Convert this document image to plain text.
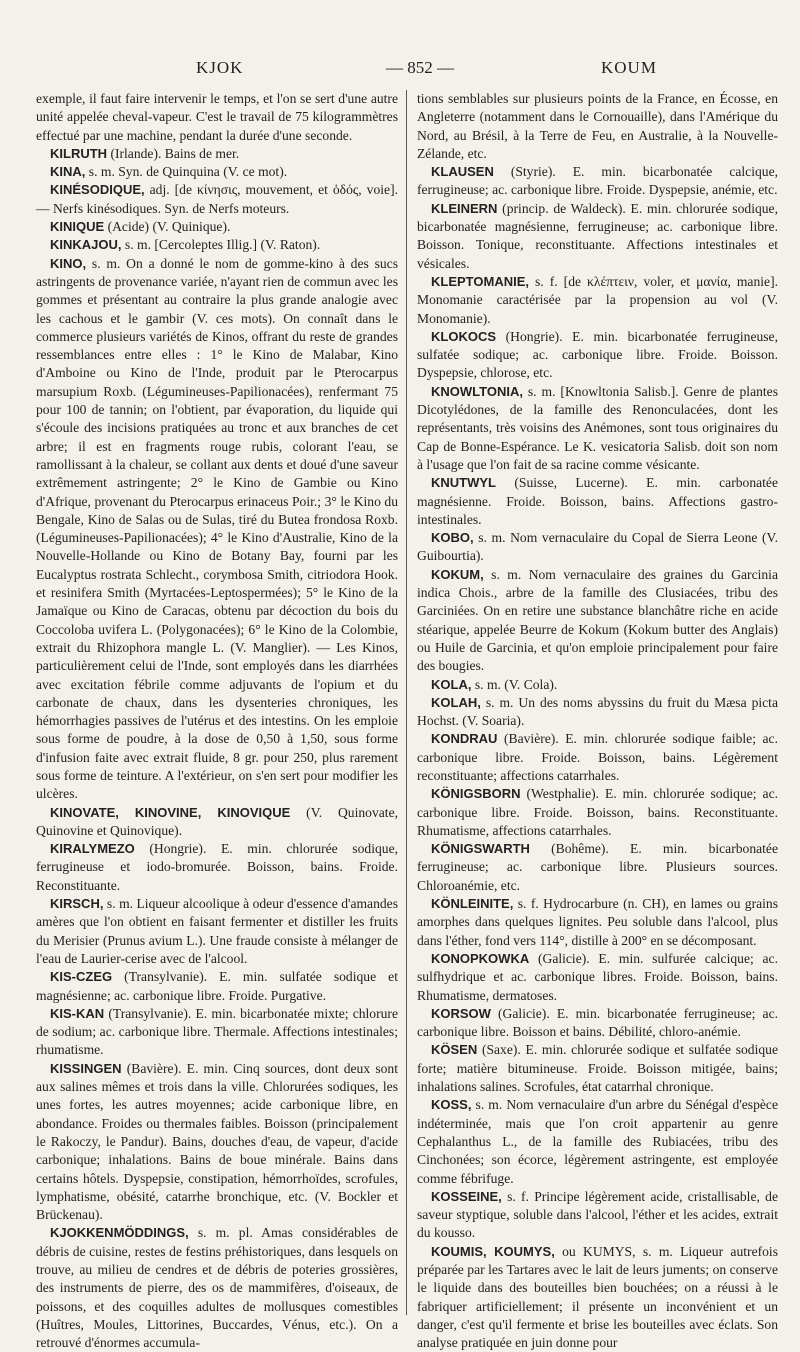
KJOK	— 852 —	KOUM

exemple, il faut faire intervenir le temps, et l'on se sert d'une autre unité appelée cheval-vapeur. C'est le travail de 75 kilogrammètres effectué par une machine, pendant la durée d'une seconde.

KILRUTH (Irlande). Bains de mer.

KINA, s. m. Syn. de Quinquina (V. ce mot).

KINÉSODIQUE, adj. [de κίνησις, mouvement, et ὁδός, voie]. — Nerfs kinésodiques. Syn. de Nerfs moteurs.

KINIQUE (Acide) (V. Quinique).

KINKAJOU, s. m. [Cercoleptes Illig.] (V. Raton).

KINO, s. m. On a donné le nom de gomme-kino à des sucs astringents de provenance variée, n'ayant rien de commun avec les gommes et présentant au contraire la plus grande analogie avec les cachous et le gambir (V. ces mots). On connaît dans le commerce plusieurs variétés de Kinos, offrant du reste de grandes ressemblances entre elles : 1° le Kino de Malabar, Kino d'Amboine ou Kino de l'Inde, produit par le Pterocarpus marsupium Roxb. (Légumineuses-Papilionacées), renfermant 75 pour 100 de tannin; on l'obtient, par évaporation, du liquide qui s'écoule des incisions pratiquées au tronc et aux branches de cet arbre; il est en fragments rouge rubis, colorant l'eau, se ramollissant à la chaleur, se collant aux dents et doué d'une saveur extrêmement astringente; 2° le Kino de Gambie ou Kino d'Afrique, provenant du Pterocarpus erinaceus Poir.; 3° le Kino du Bengale, Kino de Salas ou de Sulas, tiré du Butea frondosa Roxb. (Légumineuses-Papilionacées); 4° le Kino d'Australie, Kino de la Nouvelle-Hollande ou Kino de Botany Bay, fourni par les Eucalyptus rostrata Schlecht., corymbosa Smith, citriodora Hook. et resinifera Smith (Myrtacées-Leptospermées); 5° le Kino de la Jamaïque ou Kino de Caracas, obtenu par décoction du bois du Coccoloba uvifera L. (Polygonacées); 6° le Kino de la Colombie, extrait du Rhizophora mangle L. (V. Manglier). — Les Kinos, particulièrement celui de l'Inde, sont employés dans les diarrhées avec excitation fébrile comme adjuvants de l'opium et du carbonate de chaux, dans les dysenteries chroniques, les hémorrhagies passives de l'utérus et des intestins. On les emploie sous forme de poudre, à la dose de 0,50 à 1,50, sous forme d'infusion faite avec extrait fluide, 8 gr. pour 250, plus rarement sous forme de teinture. A l'extérieur, on s'en sert pour modifier les ulcères.

KINOVATE, KINOVINE, KINOVIQUE (V. Quinovate, Quinovine et Quinovique).

KIRALYMEZO (Hongrie). E. min. chlorurée sodique, ferrugineuse et iodo-bromurée. Boisson, bains. Froide. Reconstituante.

KIRSCH, s. m. Liqueur alcoolique à odeur d'essence d'amandes amères que l'on obtient en faisant fermenter et distiller les fruits du Merisier (Prunus avium L.). Une fraude consiste à mélanger de l'eau de Laurier-cerise avec de l'alcool.

KIS-CZEG (Transylvanie). E. min. sulfatée sodique et magnésienne; ac. carbonique libre. Froide. Purgative.

KIS-KAN (Transylvanie). E. min. bicarbonatée mixte; chlorure de sodium; ac. carbonique libre. Thermale. Affections intestinales; rhumatisme.

KISSINGEN (Bavière). E. min. Cinq sources, dont deux sont aux salines mêmes et trois dans la ville. Chlorurées sodiques, les unes fortes, les autres moyennes; acide carbonique libre, en abondance. Froides ou thermales faibles. Boisson (principalement le Rakoczy, le Pandur). Bains, douches d'eau, de vapeur, d'acide carbonique; inhalations. Bains de boue minérale. Bains dans certains hôtels. Dyspepsie, constipation, hémorrhoïdes, scrofules, lymphatisme, obésité, catarrhe bronchique, etc. (V. Bockler et Brückenau).

KJOKKENMÖDDINGS, s. m. pl. Amas considérables de débris de cuisine, restes de festins préhistoriques, dans lesquels on trouve, au milieu de cendres et de débris de poteries grossières, des instruments de pierre, des os de mammifères, d'oiseaux, de poissons, et des coquilles adultes de mollusques comestibles (Huîtres, Moules, Littorines, Buccardes, Vénus, etc.). On a retrouvé d'énormes accumula-

tions semblables sur plusieurs points de la France, en Écosse, en Angleterre (notamment dans le Cornouaille), dans l'Amérique du Nord, au Brésil, à la Terre de Feu, en Australie, à la Nouvelle-Zélande, etc.

KLAUSEN (Styrie). E. min. bicarbonatée calcique, ferrugineuse; ac. carbonique libre. Froide. Dyspepsie, anémie, etc.

KLEINERN (princip. de Waldeck). E. min. chlorurée sodique, bicarbonatée magnésienne, ferrugineuse; ac. carbonique libre. Boisson. Tonique, reconstituante. Affections intestinales et vésicales.

KLEPTOMANIE, s. f. [de κλέπτειν, voler, et μανία, manie]. Monomanie caractérisée par la propension au vol (V. Monomanie).

KLOKOCS (Hongrie). E. min. bicarbonatée ferrugineuse, sulfatée sodique; ac. carbonique libre. Froide. Boisson. Dyspepsie, chlorose, etc.

KNOWLTONIA, s. m. [Knowltonia Salisb.]. Genre de plantes Dicotylédones, de la famille des Renonculacées, dont les représentants, très voisins des Anémones, sont tous originaires du Cap de Bonne-Espérance. Le K. vesicatoria Salisb. doit son nom à l'usage que l'on fait de sa racine comme vésicante.

KNUTWYL (Suisse, Lucerne). E. min. carbonatée magnésienne. Froide. Boisson, bains. Affections gastro-intestinales.

KOBO, s. m. Nom vernaculaire du Copal de Sierra Leone (V. Guibourtia).

KOKUM, s. m. Nom vernaculaire des graines du Garcinia indica Chois., arbre de la famille des Clusiacées, tribu des Garciniées. On en retire une substance blanchâtre riche en acide stéarique, appelée Beurre de Kokum (Kokum butter des Anglais) ou Huile de Garcinia, et qu'on emploie principalement pour faire des bougies.

KOLA, s. m. (V. Cola).

KOLAH, s. m. Un des noms abyssins du fruit du Mæsa picta Hochst. (V. Soaria).

KONDRAU (Bavière). E. min. chlorurée sodique faible; ac. carbonique libre. Froide. Boisson, bains. Légèrement reconstituante; affections catarrhales.

KÖNIGSBORN (Westphalie). E. min. chlorurée sodique; ac. carbonique libre. Froide. Boisson, bains. Reconstituante. Rhumatisme, affections catarrhales.

KÖNIGSWARTH (Bohême). E. min. bicarbonatée ferrugineuse; ac. carbonique libre. Plusieurs sources. Chloroanémie, etc.

KÖNLEINITE, s. f. Hydrocarbure (n. CH), en lames ou grains amorphes dans quelques lignites. Peu soluble dans l'alcool, plus dans l'éther, fond vers 114°, distille à 200° en se décomposant.

KONOPKOWKA (Galicie). E. min. sulfurée calcique; ac. sulfhydrique et ac. carbonique libres. Froide. Boisson, bains. Rhumatisme, dermatoses.

KORSOW (Galicie). E. min. bicarbonatée ferrugineuse; ac. carbonique libre. Boisson et bains. Débilité, chloro-anémie.

KÖSEN (Saxe). E. min. chlorurée sodique et sulfatée sodique forte; matière bitumineuse. Froide. Boisson mitigée, bains; inhalations salines. Scrofules, état catarrhal chronique.

KOSS, s. m. Nom vernaculaire d'un arbre du Sénégal d'espèce indéterminée, mais que l'on croit appartenir au genre Cephalanthus L., de la famille des Rubiacées, tribu des Cinchonées; son écorce, légèrement astringente, est employée comme fébrifuge.

KOSSEINE, s. f. Principe légèrement acide, cristallisable, de saveur styptique, soluble dans l'alcool, l'éther et les acides, extrait du kousso.

KOUMIS, KOUMYS, ou KUMYS, s. m. Liqueur autrefois préparée par les Tartares avec le lait de leurs juments; on conserve le liquide dans des bouteilles bien bouchées; on a réussi à le fabriquer artificiellement; il présente un inconvénient et un danger, c'est qu'il fermente et brise les bouteilles avec éclats. Son analyse pratiquée en juin donne pour
